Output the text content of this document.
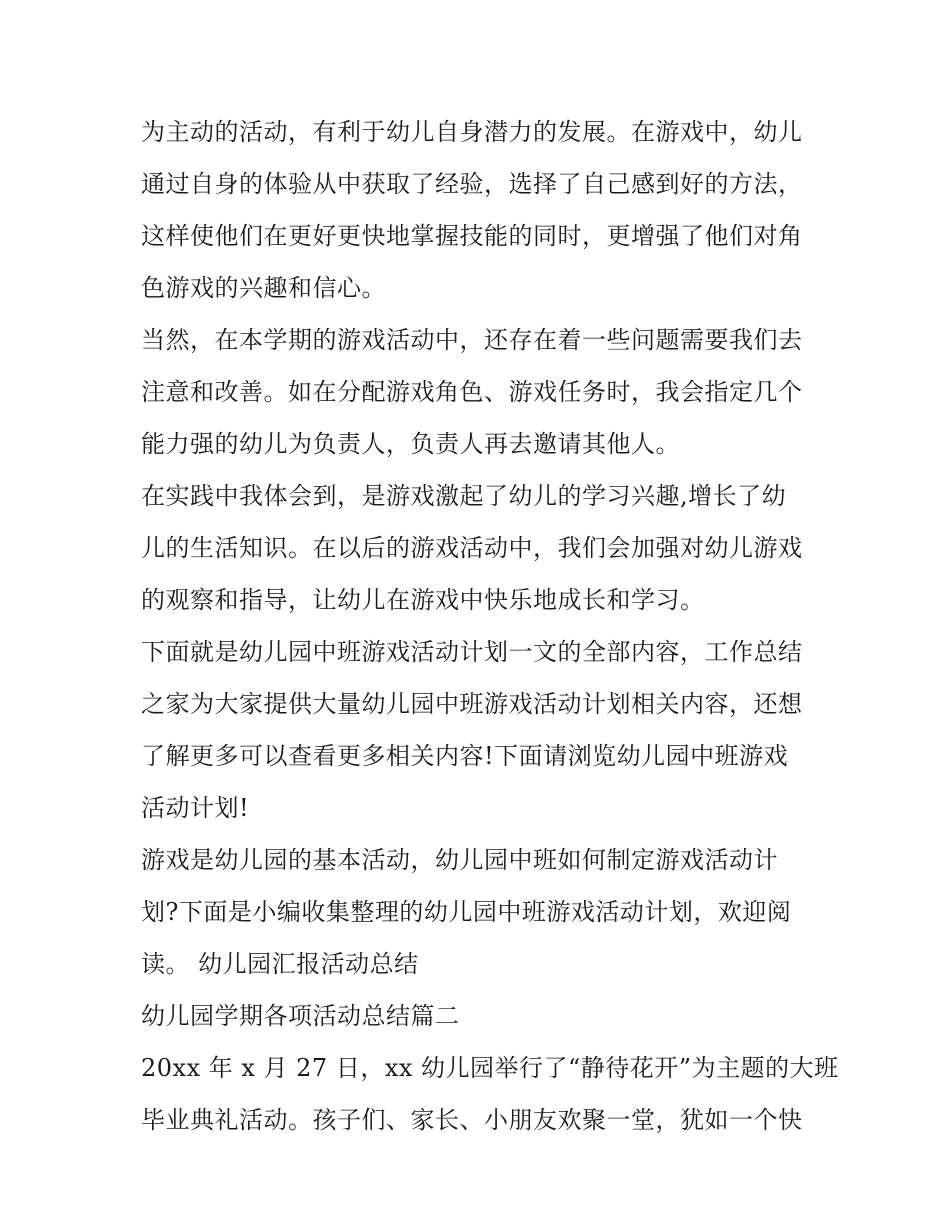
为主动的活动，有利于幼儿自身潜力的发展。在游戏中，幼儿
通过自身的体验从中获取了经验，选择了自己感到好的方法，
这样使他们在更好更快地掌握技能的同时，更增强了他们对角
色游戏的兴趣和信心。
当然，在本学期的游戏活动中，还存在着一些问题需要我们去
注意和改善。如在分配游戏角色、游戏任务时，我会指定几个
能力强的幼儿为负责人，负责人再去邀请其他人。
在实践中我体会到，是游戏激起了幼儿的学习兴趣,增长了幼
儿的生活知识。在以后的游戏活动中，我们会加强对幼儿游戏
的观察和指导，让幼儿在游戏中快乐地成长和学习。
下面就是幼儿园中班游戏活动计划一文的全部内容，工作总结
之家为大家提供大量幼儿园中班游戏活动计划相关内容，还想
了解更多可以查看更多相关内容!下面请浏览幼儿园中班游戏
活动计划!
游戏是幼儿园的基本活动，幼儿园中班如何制定游戏活动计
划?下面是小编收集整理的幼儿园中班游戏活动计划，欢迎阅
读。 幼儿园汇报活动总结
幼儿园学期各项活动总结篇二
20xx 年 x 月 27 日，xx 幼儿园举行了“静待花开”为主题的大班
毕业典礼活动。孩子们、家长、小朋友欢聚一堂，犹如一个快
